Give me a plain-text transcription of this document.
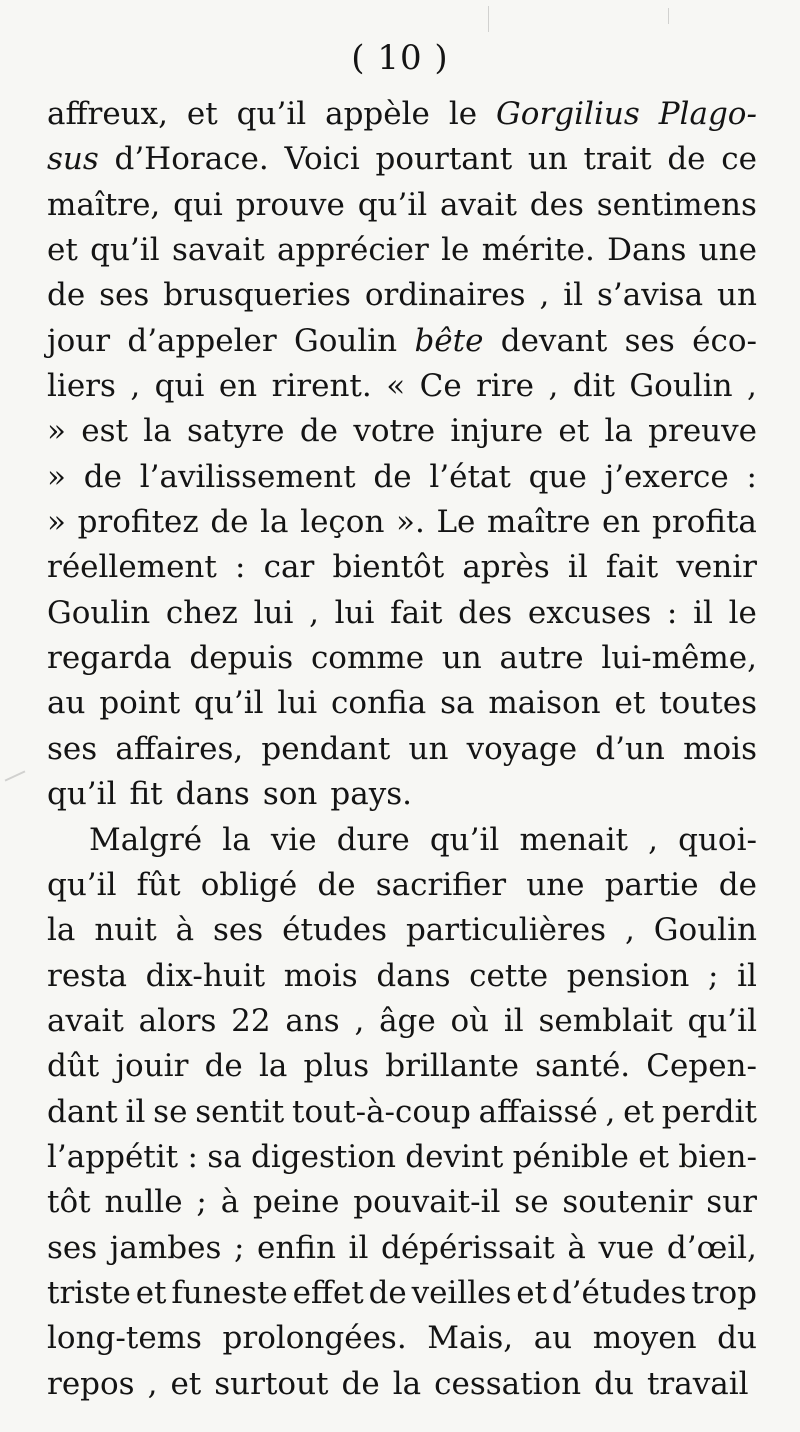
( 10 )
affreux, et qu’il appèle le Gorgilius Plago-
sus d’Horace. Voici pourtant un trait de ce
maître, qui prouve qu’il avait des sentimens
et qu’il savait apprécier le mérite. Dans une
de ses brusqueries ordinaires , il s’avisa un
jour d’appeler Goulin bête devant ses éco-
liers , qui en rirent. « Ce rire , dit Goulin ,
» est la satyre de votre injure et la preuve
» de l’avilissement de l’état que j’exerce :
» profitez de la leçon ». Le maître en profita
réellement : car bientôt après il fait venir
Goulin chez lui , lui fait des excuses : il le
regarda depuis comme un autre lui-même,
au point qu’il lui confia sa maison et toutes
ses affaires, pendant un voyage d’un mois
qu’il fit dans son pays.
Malgré la vie dure qu’il menait , quoi-
qu’il fût obligé de sacrifier une partie de
la nuit à ses études particulières , Goulin
resta dix-huit mois dans cette pension ; il
avait alors 22 ans , âge où il semblait qu’il
dût jouir de la plus brillante santé. Cepen-
dant il se sentit tout-à-coup affaissé , et perdit
l’appétit : sa digestion devint pénible et bien-
tôt nulle ; à peine pouvait-il se soutenir sur
ses jambes ; enfin il dépérissait à vue d’œil,
triste et funeste effet de veilles et d’études trop
long-tems prolongées. Mais, au moyen du
repos , et surtout de la cessation du travail
